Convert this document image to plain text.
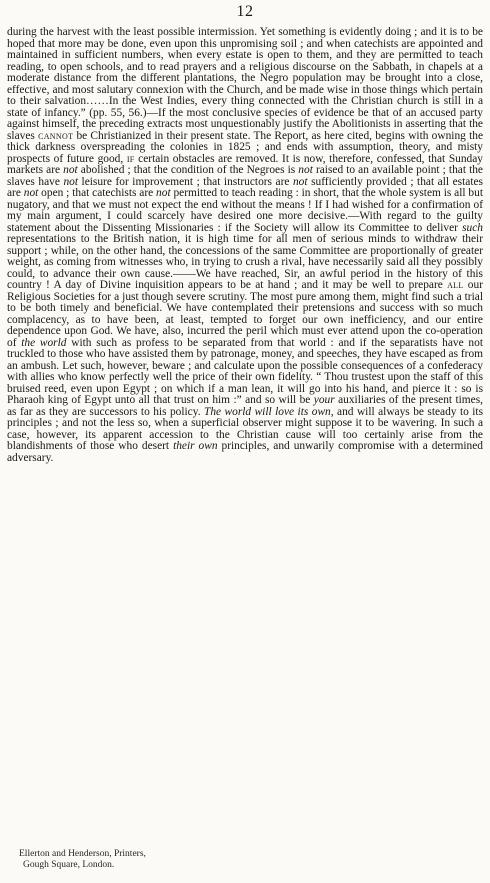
12

during the harvest with the least possible intermission. Yet something is evidently doing ; and it is to be hoped that more may be done, even upon this unpromising soil ; and when catechists are appointed and maintained in sufficient numbers, when every estate is open to them, and they are permitted to teach reading, to open schools, and to read prayers and a religious discourse on the Sabbath, in chapels at a moderate distance from the different plantations, the Negro population may be brought into a close, effective, and most salutary connexion with the Church, and be made wise in those things which pertain to their salvation……In the West Indies, every thing connected with the Christian church is still in a state of infancy.” (pp. 55, 56.)—If the most conclusive species of evidence be that of an accused party against himself, the preceding extracts most unquestionably justify the Abolitionists in asserting that the slaves cannot be Christianized in their present state. The Report, as here cited, begins with owning the thick darkness overspreading the colonies in 1825 ; and ends with assumption, theory, and misty prospects of future good, if certain obstacles are removed. It is now, therefore, confessed, that Sunday markets are not abolished ; that the condition of the Negroes is not raised to an available point ; that the slaves have not leisure for improvement ; that instructors are not sufficiently provided ; that all estates are not open ; that catechists are not permitted to teach reading : in short, that the whole system is all but nugatory, and that we must not expect the end without the means ! If I had wished for a confirmation of my main argument, I could scarcely have desired one more decisive.—With regard to the guilty statement about the Dissenting Missionaries : if the Society will allow its Committee to deliver such representations to the British nation, it is high time for all men of serious minds to withdraw their support ; while, on the other hand, the concessions of the same Committee are proportionally of greater weight, as coming from witnesses who, in trying to crush a rival, have necessarily said all they possibly could, to advance their own cause.——We have reached, Sir, an awful period in the history of this country ! A day of Divine inquisition appears to be at hand ; and it may be well to prepare all our Religious Societies for a just though severe scrutiny. The most pure among them, might find such a trial to be both timely and beneficial. We have contemplated their pretensions and success with so much complacency, as to have been, at least, tempted to forget our own inefficiency, and our entire dependence upon God. We have, also, incurred the peril which must ever attend upon the co-operation of the world with such as profess to be separated from that world : and if the separatists have not truckled to those who have assisted them by patronage, money, and speeches, they have escaped as from an ambush. Let such, however, beware ; and calculate upon the possible consequences of a confederacy with allies who know perfectly well the price of their own fidelity. “ Thou trustest upon the staff of this bruised reed, even upon Egypt ; on which if a man lean, it will go into his hand, and pierce it : so is Pharaoh king of Egypt unto all that trust on him :” and so will be your auxiliaries of the present times, as far as they are successors to his policy. The world will love its own, and will always be steady to its principles ; and not the less so, when a superficial observer might suppose it to be wavering. In such a case, however, its apparent accession to the Christian cause will too certainly arise from the blandishments of those who desert their own principles, and unwarily compromise with a determined adversary.

Ellerton and Henderson, Printers,
Gough Square, London.
